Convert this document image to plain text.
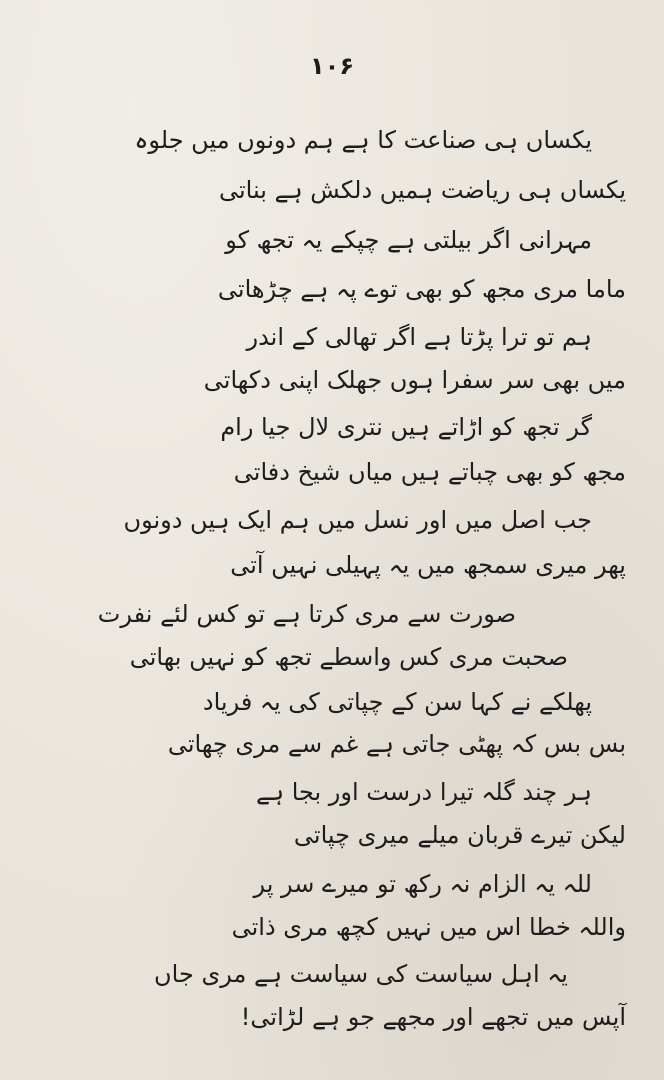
۱۰۶
یکساں ہی صناعت کا ہے ہم دونوں میں جلوہ
یکساں ہی ریاضت ہمیں دلکش ہے بناتی
مہرانی اگر بیلتی ہے چپکے یہ تجھ کو
ماما مری مجھ کو بھی توے پہ ہے چڑھاتی
ہم تو ترا پڑتا ہے اگر تھالی کے اندر
میں بھی سر سفرا ہوں جھلک اپنی دکھاتی
گر تجھ کو اڑاتے ہیں نتری لال جیا رام
مجھ کو بھی چباتے ہیں میاں شیخ دفاتی
جب اصل میں اور نسل میں ہم ایک ہیں دونوں
پھر میری سمجھ میں یہ پہیلی نہیں آتی
صورت سے مری کرتا ہے تو کس لئے نفرت
صحبت مری کس واسطے تجھ کو نہیں بھاتی
پھلکے نے کہا سن کے چپاتی کی یہ فریاد
بس بس کہ پھٹی جاتی ہے غم سے مری چھاتی
ہر چند گلہ تیرا درست اور بجا ہے
لیکن تیرے قربان میلے میری چپاتی
للہ یہ الزام نہ رکھ تو میرے سر پر
واللہ خطا اس میں نہیں کچھ مری ذاتی
یہ اہل سیاست کی سیاست ہے مری جاں
آپس میں تجھے اور مجھے جو ہے لڑاتی!
